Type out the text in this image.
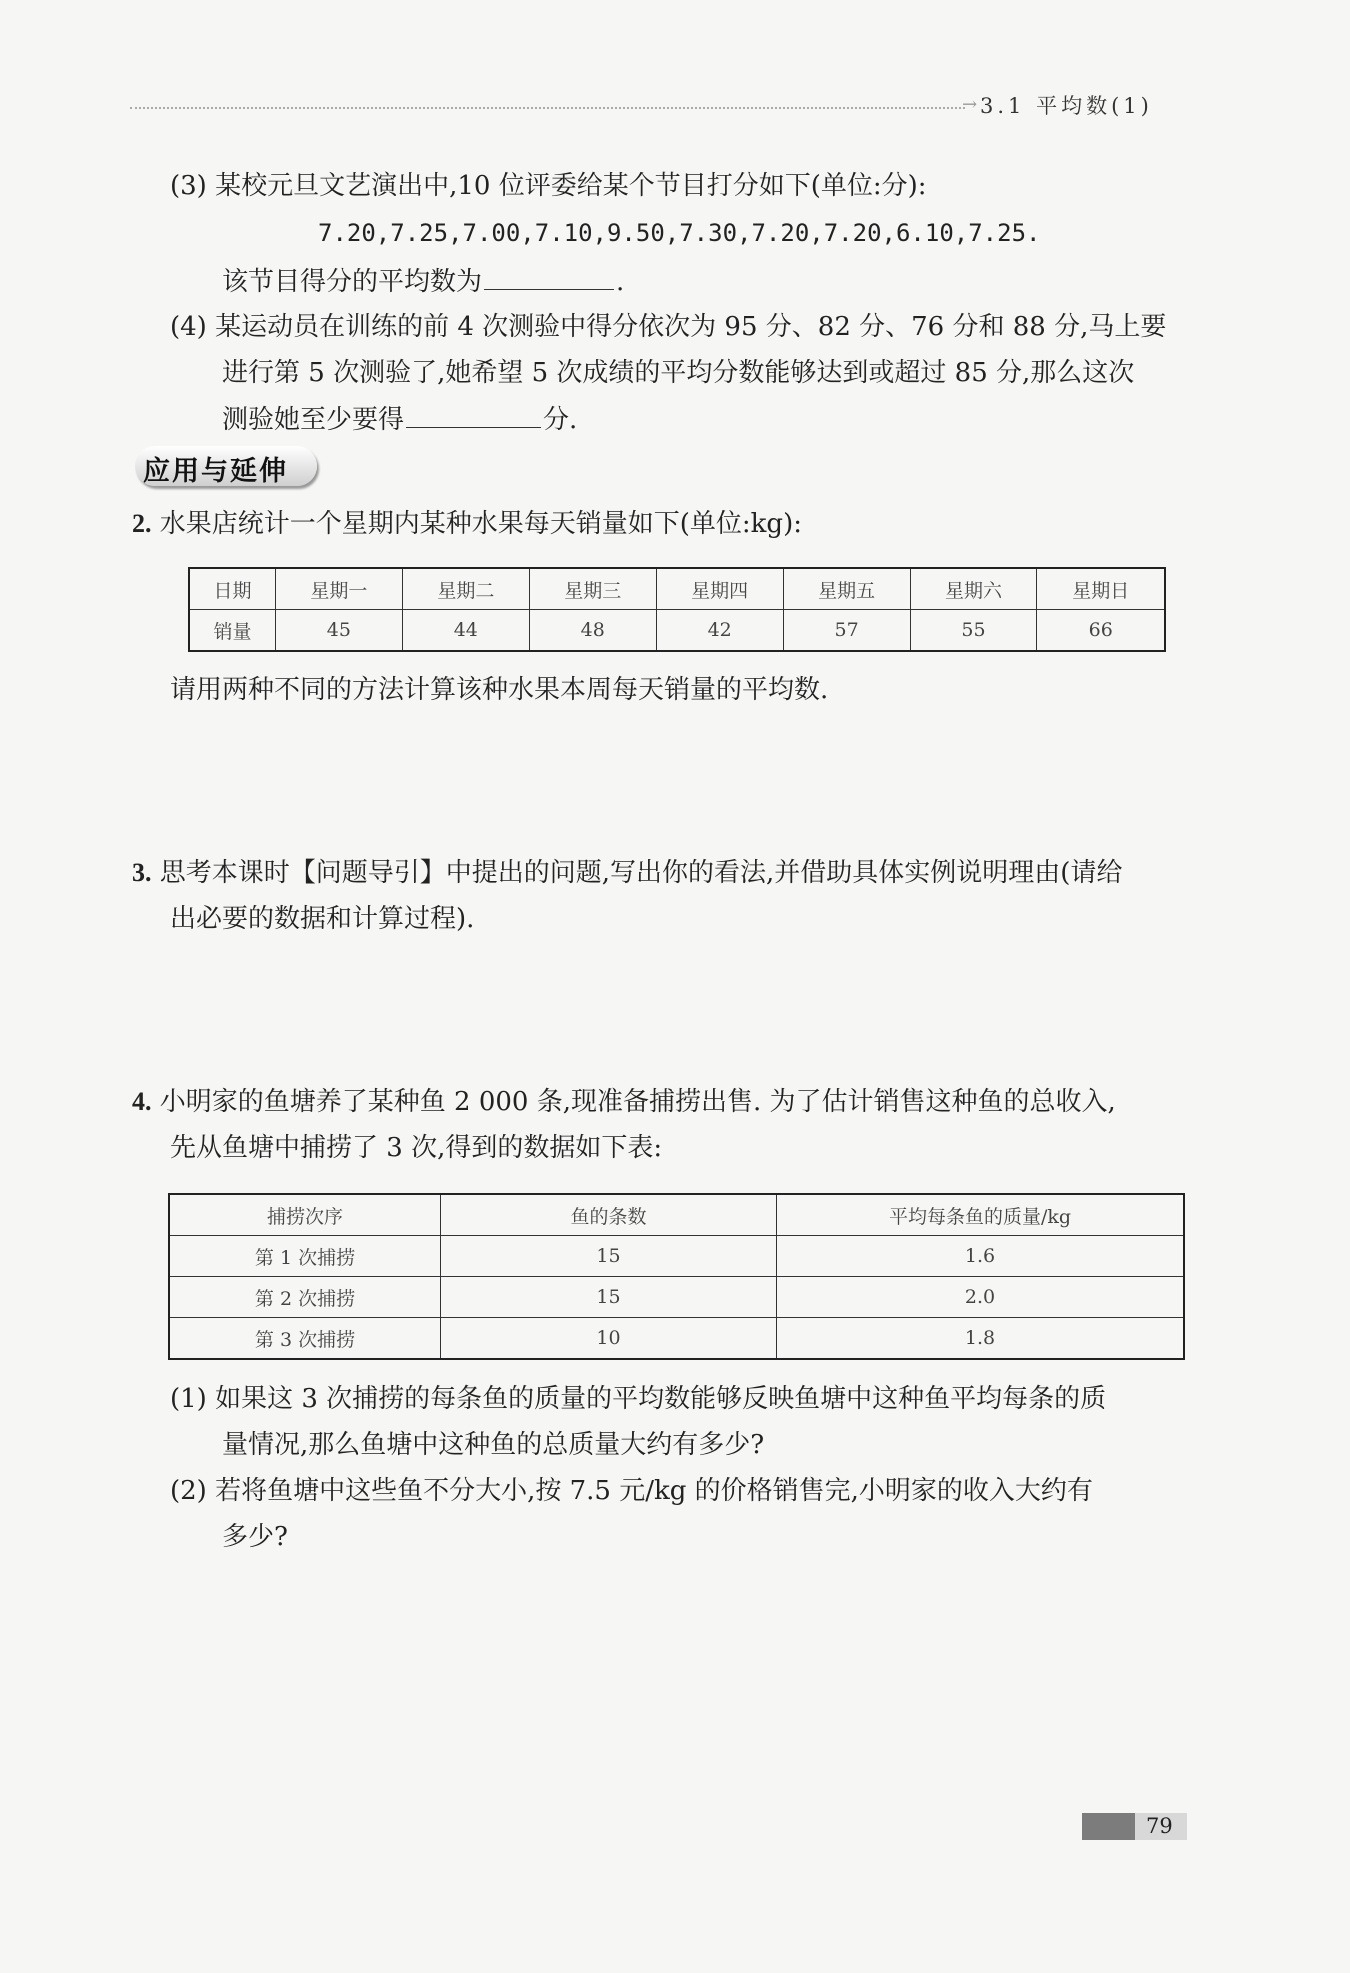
→ 3.1 平均数(1)
(3) 某校元旦文艺演出中,10 位评委给某个节目打分如下(单位:分):
7.20,7.25,7.00,7.10,9.50,7.30,7.20,7.20,6.10,7.25.
该节目得分的平均数为	.
(4) 某运动员在训练的前 4 次测验中得分依次为 95 分、82 分、76 分和 88 分,马上要
进行第 5 次测验了,她希望 5 次成绩的平均分数能够达到或超过 85 分,那么这次
测验她至少要得	分.
应用与延伸
2. 水果店统计一个星期内某种水果每天销量如下(单位:kg):
日期	星期一	星期二	星期三	星期四	星期五	星期六	星期日
销量	45	44	48	42	57	55	66
请用两种不同的方法计算该种水果本周每天销量的平均数.
3. 思考本课时【问题导引】中提出的问题,写出你的看法,并借助具体实例说明理由(请给
出必要的数据和计算过程).
4. 小明家的鱼塘养了某种鱼 2 000 条,现准备捕捞出售. 为了估计销售这种鱼的总收入,
先从鱼塘中捕捞了 3 次,得到的数据如下表:
捕捞次序	鱼的条数	平均每条鱼的质量/kg
第 1 次捕捞	15	1.6
第 2 次捕捞	15	2.0
第 3 次捕捞	10	1.8
(1) 如果这 3 次捕捞的每条鱼的质量的平均数能够反映鱼塘中这种鱼平均每条的质
量情况,那么鱼塘中这种鱼的总质量大约有多少?
(2) 若将鱼塘中这些鱼不分大小,按 7.5 元/kg 的价格销售完,小明家的收入大约有
多少?
79
